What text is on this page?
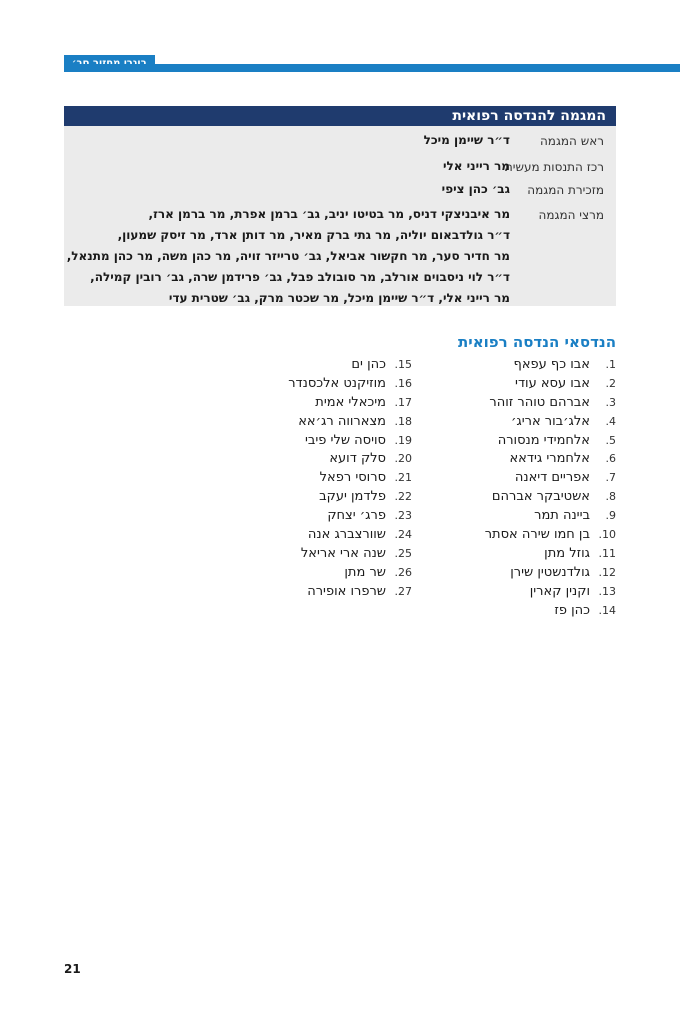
המגמה להנדסה רפואית
ראש המגמה
ד״ר שיימן מיכל
רכז התנסות מעשית
מר רייני אלי
מזכירת המגמה
גב׳ כהן ציפי
מרצי המגמה
מר איבניצקי דניס, מר בטיטו יניב, גב׳ ברמן אפרת, מר ברמן ארז,
ד״ר גולדבאום יוליה, מר גתי ברק מאיר, מר דותן ארד, מר זיסק שמעון,
מר חדיר סער, מר חקשור אביאל, גב׳ טרייזר זויה, מר כהן משה, מר כהן מתנאל,
ד״ר לוי ניסבוים אורלב, מר סובולב פבל, גב׳ פרידמן שרה, גב׳ רובין קמילה,
מר רייני אלי, ד״ר שיימן מיכל, מר שכטר מרק, גב׳ שטרית עדי
הנדסאי הנדסה רפואית
1.אבו כף עפאף
2.אבו עסא עודי
3.אברהם טוהר זוהר
4.אלג׳בור אריג׳
5.אלחמידי מנסורה
6.אלחמרי גידאא
7.אפריים דיאנה
8.אשטיבקר אברהם
9.ביינה תמר
10.בן חמו שירה אסתר
11.גוזל מתן
12.גולדנשטין שירן
13.וקנין קארין
14.כהן פז
15.כהן ים
16.מוזיקנט אלכסנדר
17.מיכאלי אמית
18.מצארווה רג׳אא
19.סויסה שלי פיבי
20.סלק דועא
21.סרוסי רפאל
22.פלדמן יעקב
23.פרג׳ יצחק
24.שוורצברג אנה
25.שנה ארי אריאל
26.שר מתן
27.שרפרו אופירה
21
